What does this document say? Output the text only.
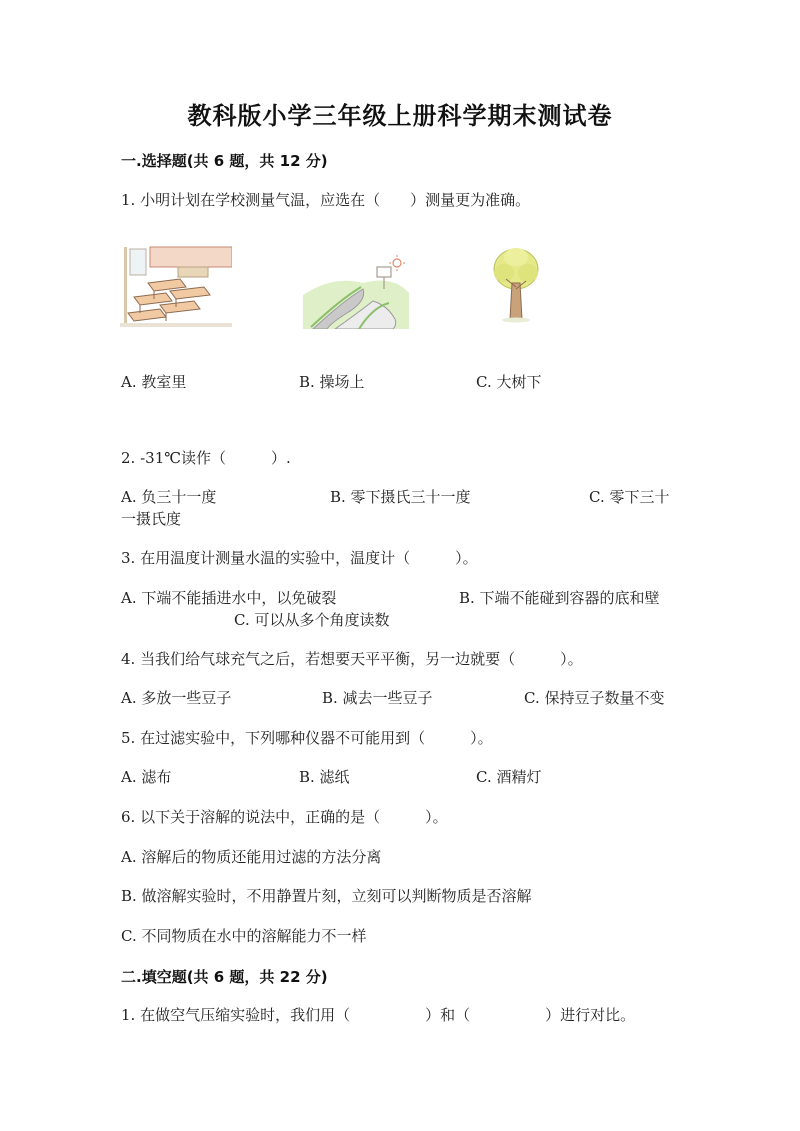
教科版小学三年级上册科学期末测试卷
一.选择题(共 6 题，共 12 分)
1. 小明计划在学校测量气温，应选在（　　）测量更为准确。
A. 教室里	B. 操场上	C. 大树下
2. -31℃读作（　　　）.
A. 负三十一度	B. 零下摄氏三十一度	C. 零下三十
一摄氏度
3. 在用温度计测量水温的实验中，温度计（　　　）。
A. 下端不能插进水中，以免破裂	B. 下端不能碰到容器的底和壁
C. 可以从多个角度读数
4. 当我们给气球充气之后，若想要天平平衡，另一边就要（　　　）。
A. 多放一些豆子	B. 减去一些豆子	C. 保持豆子数量不变
5. 在过滤实验中，下列哪种仪器不可能用到（　　　）。
A. 滤布	B. 滤纸	C. 酒精灯
6. 以下关于溶解的说法中，正确的是（　　　）。
A. 溶解后的物质还能用过滤的方法分离
B. 做溶解实验时，不用静置片刻，立刻可以判断物质是否溶解
C. 不同物质在水中的溶解能力不一样
二.填空题(共 6 题，共 22 分)
1. 在做空气压缩实验时，我们用（　　　　　）和（　　　　　）进行对比。
